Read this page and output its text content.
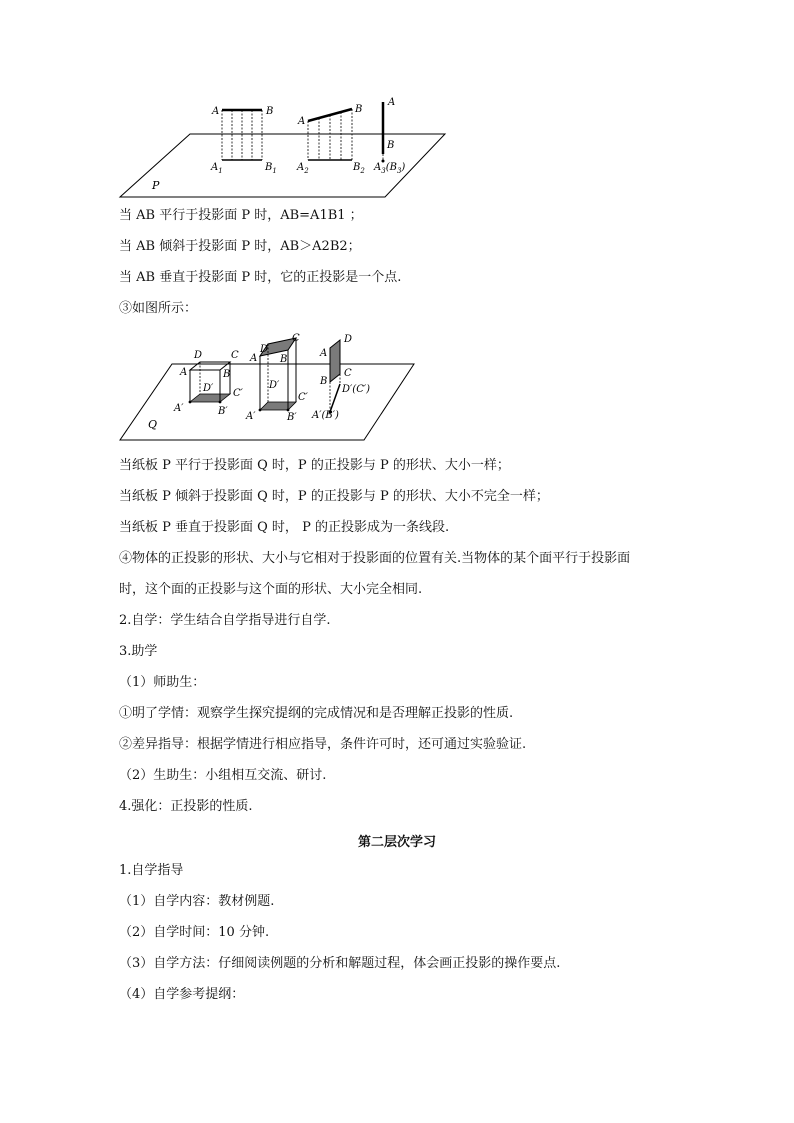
P
A	B
$A_1$	$B_1$
A
B
$A_2$	$B_2$
A
B
$A_3(B_3)$
当 AB 平行于投影面 P 时，AB=A1B1 ；
当 AB 倾斜于投影面 P 时，AB＞A2B2；
当 AB 垂直于投影面 P 时，它的正投影是一个点.
③如图所示：
Q
D	C
A	B
D′ C′
A′	B′
D
C
A B
D′
C′
A′	B′
A
D
B
C
D′(C′)
A′(B′)
当纸板 P 平行于投影面 Q 时，P 的正投影与 P 的形状、大小一样；
当纸板 P 倾斜于投影面 Q 时，P 的正投影与 P 的形状、大小不完全一样；
当纸板 P 垂直于投影面 Q 时， P 的正投影成为一条线段.
④物体的正投影的形状、大小与它相对于投影面的位置有关.当物体的某个面平行于投影面
时，这个面的正投影与这个面的形状、大小完全相同.
2.自学：学生结合自学指导进行自学.
3.助学
（1）师助生：
①明了学情：观察学生探究提纲的完成情况和是否理解正投影的性质.
②差异指导：根据学情进行相应指导，条件许可时，还可通过实验验证.
（2）生助生：小组相互交流、研讨.
4.强化：正投影的性质.
第二层次学习
1.自学指导
（1）自学内容：教材例题.
（2）自学时间：10 分钟.
（3）自学方法：仔细阅读例题的分析和解题过程，体会画正投影的操作要点.
（4）自学参考提纲：
